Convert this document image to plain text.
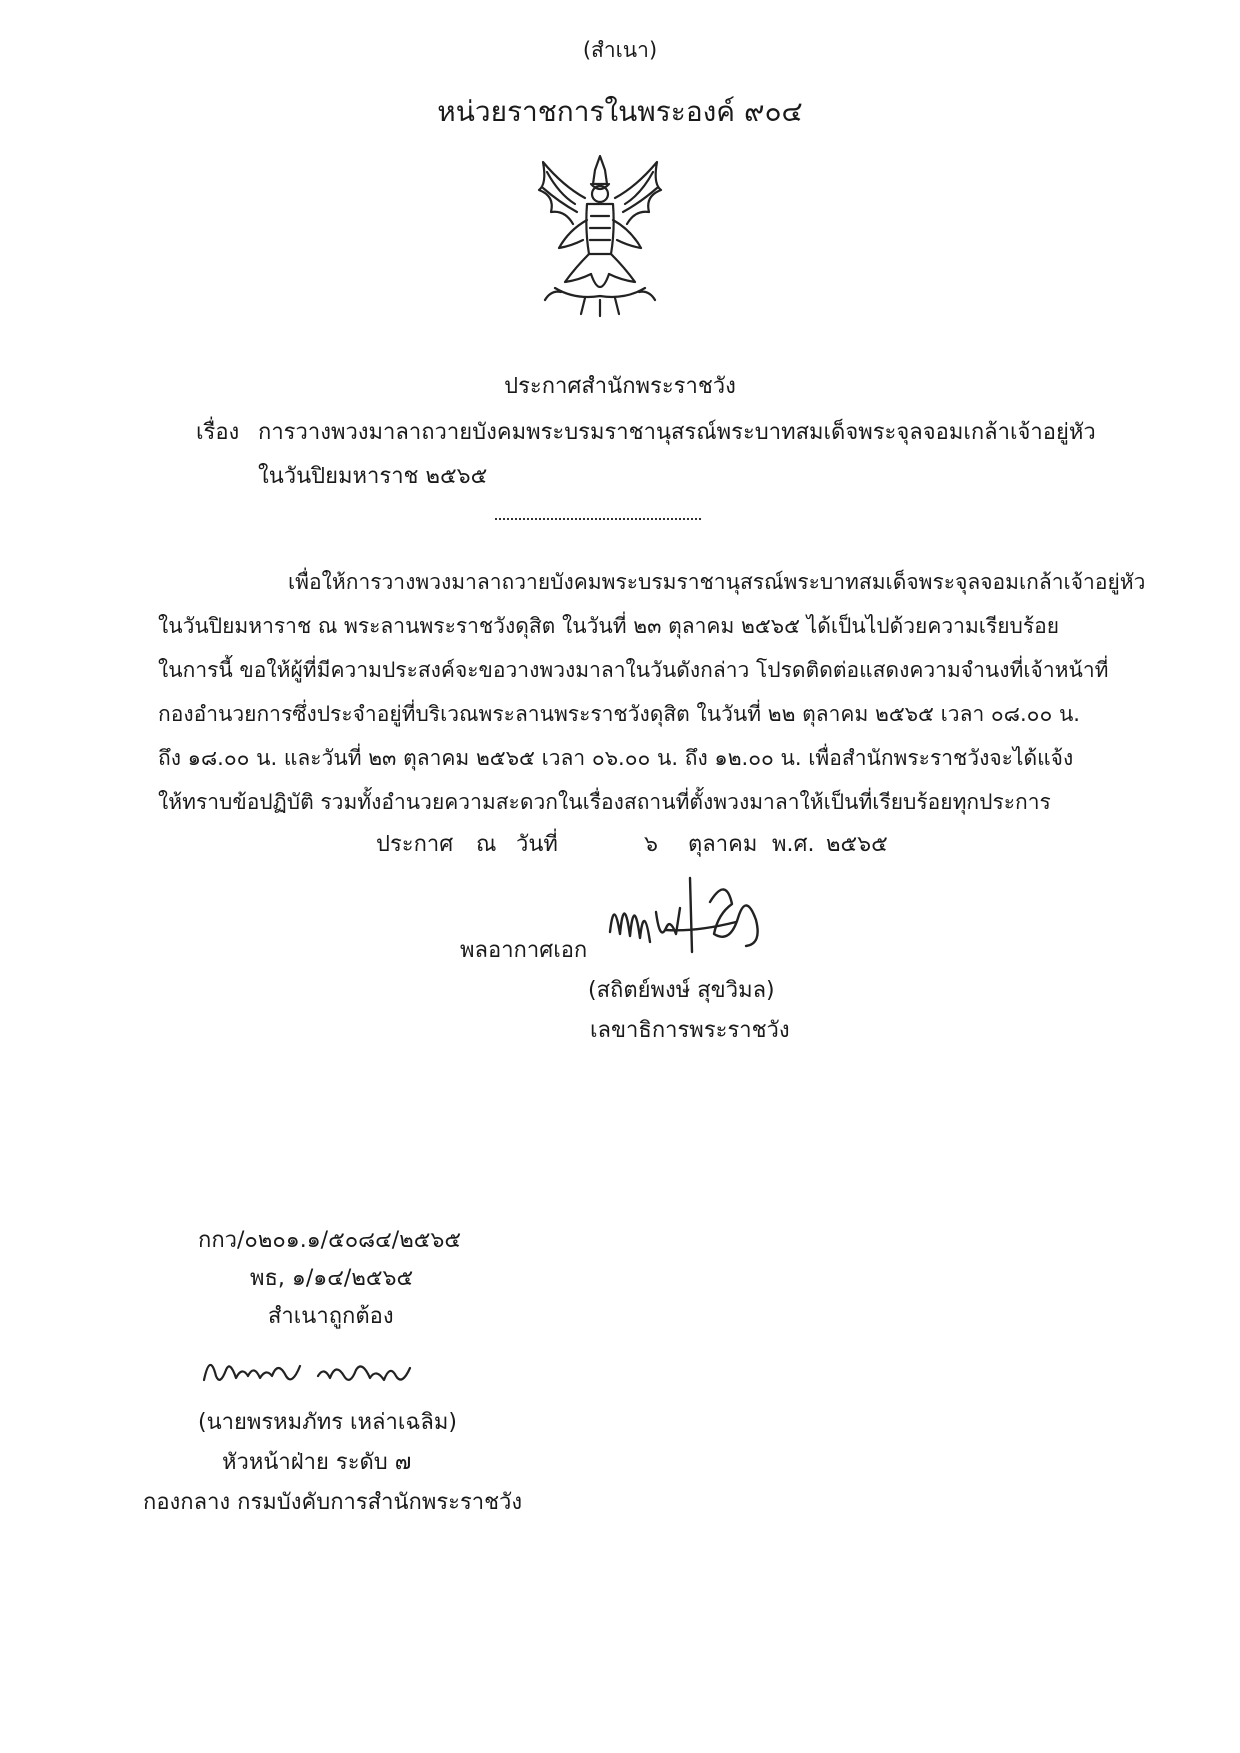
(สำเนา)
หน่วยราชการในพระองค์ ๙๐๔
ประกาศสำนักพระราชวัง
เรื่อง การวางพวงมาลาถวายบังคมพระบรมราชานุสรณ์พระบาทสมเด็จพระจุลจอมเกล้าเจ้าอยู่หัว
ในวันปิยมหาราช ๒๕๖๕
เพื่อให้การวางพวงมาลาถวายบังคมพระบรมราชานุสรณ์พระบาทสมเด็จพระจุลจอมเกล้าเจ้าอยู่หัว
ในวันปิยมหาราช ณ พระลานพระราชวังดุสิต ในวันที่ ๒๓ ตุลาคม ๒๕๖๕ ได้เป็นไปด้วยความเรียบร้อย
ในการนี้ ขอให้ผู้ที่มีความประสงค์จะขอวางพวงมาลาในวันดังกล่าว โปรดติดต่อแสดงความจำนงที่เจ้าหน้าที่
กองอำนวยการซึ่งประจำอยู่ที่บริเวณพระลานพระราชวังดุสิต ในวันที่ ๒๒ ตุลาคม ๒๕๖๕ เวลา ๐๘.๐๐ น.
ถึง ๑๘.๐๐ น. และวันที่ ๒๓ ตุลาคม ๒๕๖๕ เวลา ๐๖.๐๐ น. ถึง ๑๒.๐๐ น. เพื่อสำนักพระราชวังจะได้แจ้ง
ให้ทราบข้อปฏิบัติ รวมทั้งอำนวยความสะดวกในเรื่องสถานที่ตั้งพวงมาลาให้เป็นที่เรียบร้อยทุกประการ
ประกาศ ณ วันที่	๖ ตุลาคม พ.ศ. ๒๕๖๕
พลอากาศเอก
(สถิตย์พงษ์ สุขวิมล)
เลขาธิการพระราชวัง
กกว/๐๒๐๑.๑/๕๐๘๔/๒๕๖๕
พธ, ๑/๑๔/๒๕๖๕
สำเนาถูกต้อง
(นายพรหมภัทร เหล่าเฉลิม)
หัวหน้าฝ่าย ระดับ ๗
กองกลาง กรมบังคับการสำนักพระราชวัง
